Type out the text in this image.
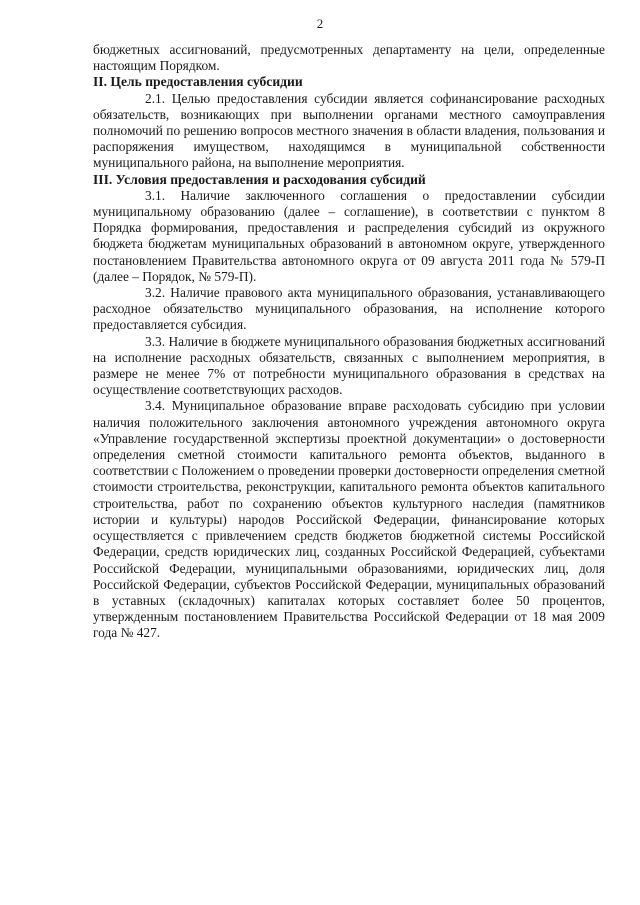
2

бюджетных ассигнований, предусмотренных департаменту на цели, определенные настоящим Порядком.

II. Цель предоставления субсидии

2.1. Целью предоставления субсидии является софинансирование расходных обязательств, возникающих при выполнении органами местного самоуправления полномочий по решению вопросов местного значения в области владения, пользования и распоряжения имуществом, находящимся в муниципальной собственности муниципального района, на выполнение мероприятия.

III. Условия предоставления и расходования субсидий

3.1. Наличие заключенного соглашения о предоставлении субсидии муниципальному образованию (далее – соглашение), в соответствии с пунктом 8 Порядка формирования, предоставления и распределения субсидий из окружного бюджета бюджетам муниципальных образований в автономном округе, утвержденного постановлением Правительства автономного округа от 09 августа 2011 года № 579-П (далее – Порядок, № 579-П).

3.2. Наличие правового акта муниципального образования, устанавливающего расходное обязательство муниципального образования, на исполнение которого предоставляется субсидия.

3.3. Наличие в бюджете муниципального образования бюджетных ассигнований на исполнение расходных обязательств, связанных с выполнением мероприятия, в размере не менее 7% от потребности муниципального образования в средствах на осуществление соответствующих расходов.

3.4. Муниципальное образование вправе расходовать субсидию при условии наличия положительного заключения автономного учреждения автономного округа «Управление государственной экспертизы проектной документации» о достоверности определения сметной стоимости капитального ремонта объектов, выданного в соответствии с Положением о проведении проверки достоверности определения сметной стоимости строительства, реконструкции, капитального ремонта объектов капитального строительства, работ по сохранению объектов культурного наследия (памятников истории и культуры) народов Российской Федерации, финансирование которых осуществляется с привлечением средств бюджетов бюджетной системы Российской Федерации, средств юридических лиц, созданных Российской Федерацией, субъектами Российской Федерации, муниципальными образованиями, юридических лиц, доля Российской Федерации, субъектов Российской Федерации, муниципальных образований в уставных (складочных) капиталах которых составляет более 50 процентов, утвержденным постановлением Правительства Российской Федерации от 18 мая 2009 года № 427.
